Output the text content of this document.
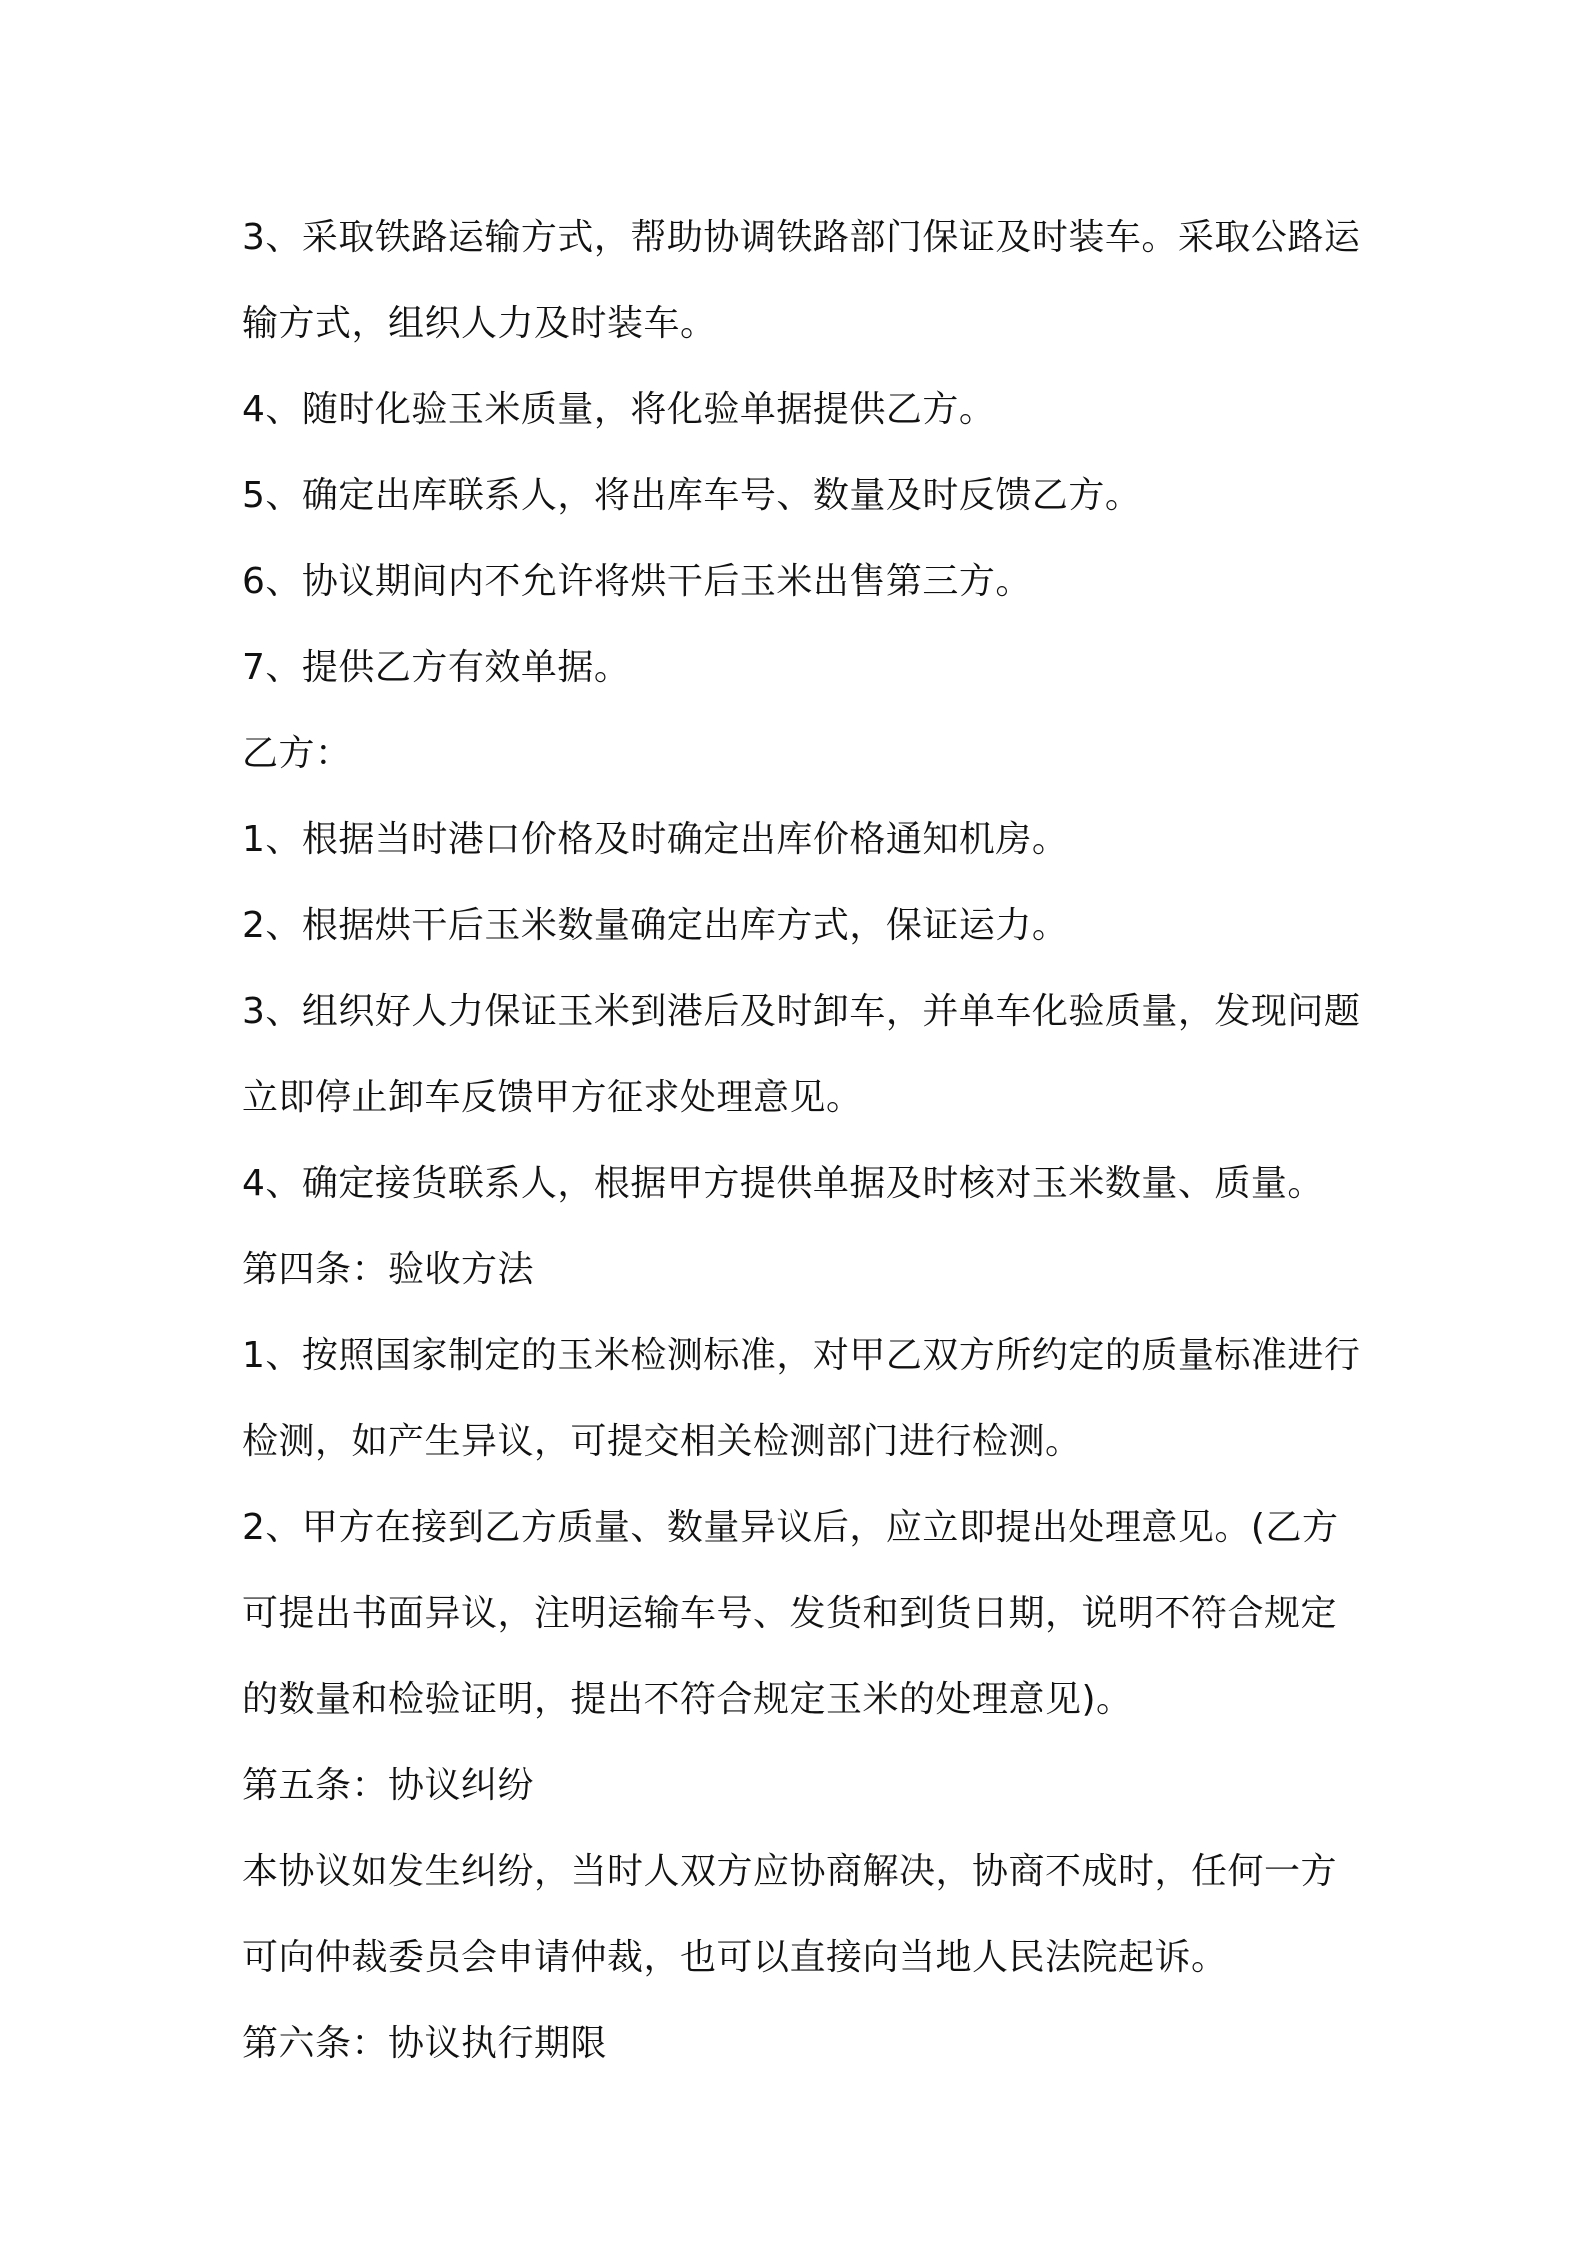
3、采取铁路运输方式，帮助协调铁路部门保证及时装车。采取公路运输方式，组织人力及时装车。

4、随时化验玉米质量，将化验单据提供乙方。

5、确定出库联系人，将出库车号、数量及时反馈乙方。

6、协议期间内不允许将烘干后玉米出售第三方。

7、提供乙方有效单据。

乙方：

1、根据当时港口价格及时确定出库价格通知机房。

2、根据烘干后玉米数量确定出库方式，保证运力。

3、组织好人力保证玉米到港后及时卸车，并单车化验质量，发现问题立即停止卸车反馈甲方征求处理意见。

4、确定接货联系人，根据甲方提供单据及时核对玉米数量、质量。

第四条：验收方法

1、按照国家制定的玉米检测标准，对甲乙双方所约定的质量标准进行检测，如产生异议，可提交相关检测部门进行检测。

2、甲方在接到乙方质量、数量异议后，应立即提出处理意见。(乙方可提出书面异议，注明运输车号、发货和到货日期，说明不符合规定的数量和检验证明，提出不符合规定玉米的处理意见)。

第五条：协议纠纷

本协议如发生纠纷，当时人双方应协商解决，协商不成时，任何一方可向仲裁委员会申请仲裁，也可以直接向当地人民法院起诉。

第六条：协议执行期限
